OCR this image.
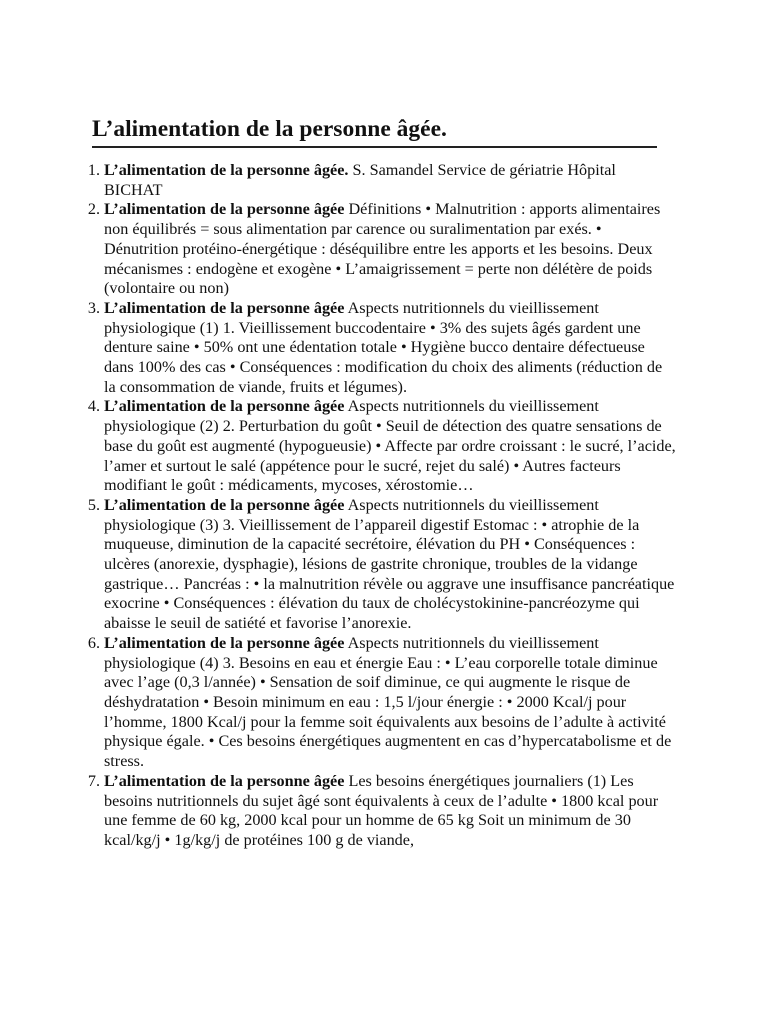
L’alimentation de la personne âgée.
1. L’alimentation de la personne âgée. S. Samandel Service de gériatrie Hôpital BICHAT
2. L’alimentation de la personne âgée Définitions • Malnutrition : apports alimentaires non équilibrés = sous alimentation par carence ou suralimentation par exés. • Dénutrition protéino-énergétique : déséquilibre entre les apports et les besoins. Deux mécanismes : endogène et exogène • L’amaigrissement = perte non délétère de poids (volontaire ou non)
3. L’alimentation de la personne âgée Aspects nutritionnels du vieillissement physiologique (1) 1. Vieillissement buccodentaire • 3% des sujets âgés gardent une denture saine • 50% ont une édentation totale • Hygiène bucco dentaire défectueuse dans 100% des cas • Conséquences : modification du choix des aliments (réduction de la consommation de viande, fruits et légumes).
4. L’alimentation de la personne âgée Aspects nutritionnels du vieillissement physiologique (2) 2. Perturbation du goût • Seuil de détection des quatre sensations de base du goût est augmenté (hypogueusie) • Affecte par ordre croissant : le sucré, l’acide, l’amer et surtout le salé (appétence pour le sucré, rejet du salé) • Autres facteurs modifiant le goût : médicaments, mycoses, xérostomie…
5. L’alimentation de la personne âgée Aspects nutritionnels du vieillissement physiologique (3) 3. Vieillissement de l’appareil digestif Estomac : • atrophie de la muqueuse, diminution de la capacité secrétoire, élévation du PH • Conséquences : ulcères (anorexie, dysphagie), lésions de gastrite chronique, troubles de la vidange gastrique… Pancréas : • la malnutrition révèle ou aggrave une insuffisance pancréatique exocrine • Conséquences : élévation du taux de cholécystokinine-pancréozyme qui abaisse le seuil de satiété et favorise l’anorexie.
6. L’alimentation de la personne âgée Aspects nutritionnels du vieillissement physiologique (4) 3. Besoins en eau et énergie Eau : • L’eau corporelle totale diminue avec l’age (0,3 l/année) • Sensation de soif diminue, ce qui augmente le risque de déshydratation • Besoin minimum en eau : 1,5 l/jour énergie : • 2000 Kcal/j pour l’homme, 1800 Kcal/j pour la femme soit équivalents aux besoins de l’adulte à activité physique égale. • Ces besoins énergétiques augmentent en cas d’hypercatabolisme et de stress.
7. L’alimentation de la personne âgée Les besoins énergétiques journaliers (1) Les besoins nutritionnels du sujet âgé sont équivalents à ceux de l’adulte • 1800 kcal pour une femme de 60 kg, 2000 kcal pour un homme de 65 kg Soit un minimum de 30 kcal/kg/j • 1g/kg/j de protéines 100 g de viande,
